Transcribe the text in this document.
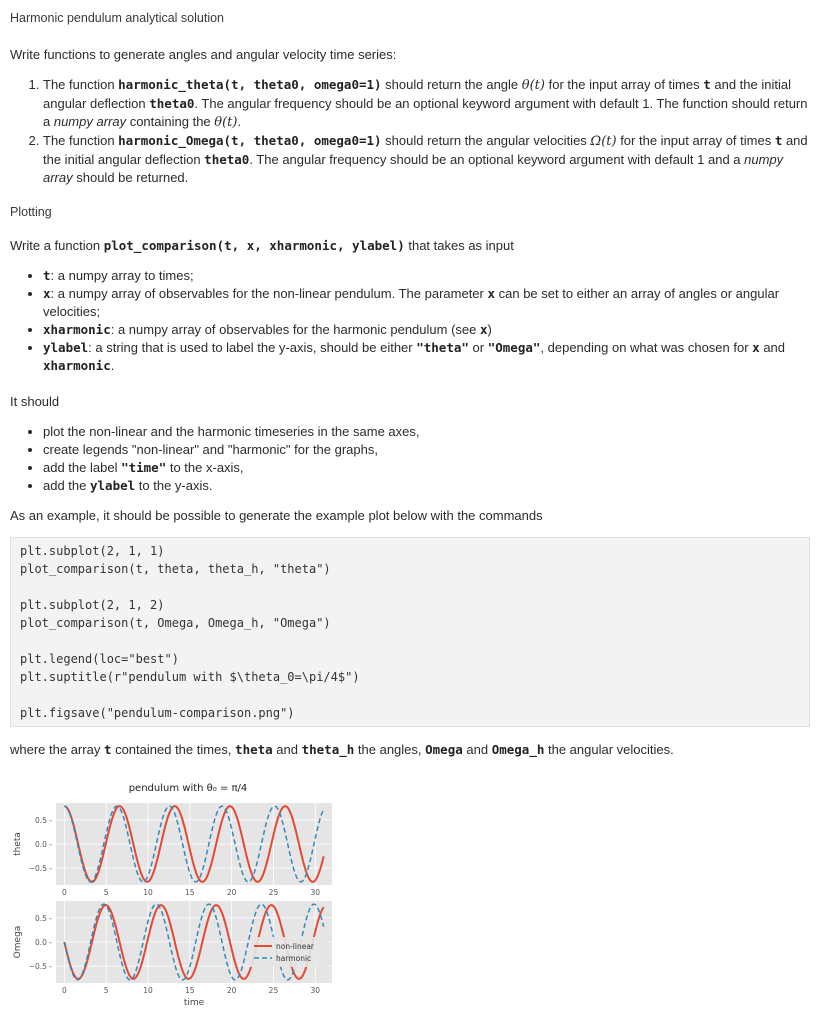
Harmonic pendulum analytical solution

Write functions to generate angles and angular velocity time series:

1. The function harmonic_theta(t, theta0, omega0=1) should return the angle θ(t) for the input array of times t and the initial angular deflection theta0. The angular frequency should be an optional keyword argument with default 1. The function should return a numpy array containing the θ(t).
2. The function harmonic_Omega(t, theta0, omega0=1) should return the angular velocities Ω(t) for the input array of times t and the initial angular deflection theta0. The angular frequency should be an optional keyword argument with default 1 and a numpy array should be returned.
Plotting

Write a function plot_comparison(t, x, xharmonic, ylabel) that takes as input

• t: a numpy array to times;
• x: a numpy array of observables for the non-linear pendulum. The parameter x can be set to either an array of angles or angular velocities;
• xharmonic: a numpy array of observables for the harmonic pendulum (see x)
• ylabel: a string that is used to label the y-axis, should be either "theta" or "Omega", depending on what was chosen for x and xharmonic.

It should

• plot the non-linear and the harmonic timeseries in the same axes,
• create legends "non-linear" and "harmonic" for the graphs,
• add the label "time" to the x-axis,
• add the ylabel to the y-axis.

As an example, it should be possible to generate the example plot below with the commands

plt.subplot(2, 1, 1)
plot_comparison(t, theta, theta_h, "theta")
plt.subplot(2, 1, 2)
plot_comparison(t, Omega, Omega_h, "Omega")
plt.legend(loc="best")
plt.suptitle(r"pendulum with $\theta_0=\pi/4$")
plt.figsave("pendulum-comparison.png")

where the array t contained the times, theta and theta_h the angles, Omega and Omega_h the angular velocities.

pendulum with θ₀ = π/4
0	5	10	15	20	25	30
0.5 -
0.0 -
−0.5 -
theta
0	5	10	15	20	25	30
0.5 -
0.0 -
−0.5 -
Omega
time
non-linear
harmonic
